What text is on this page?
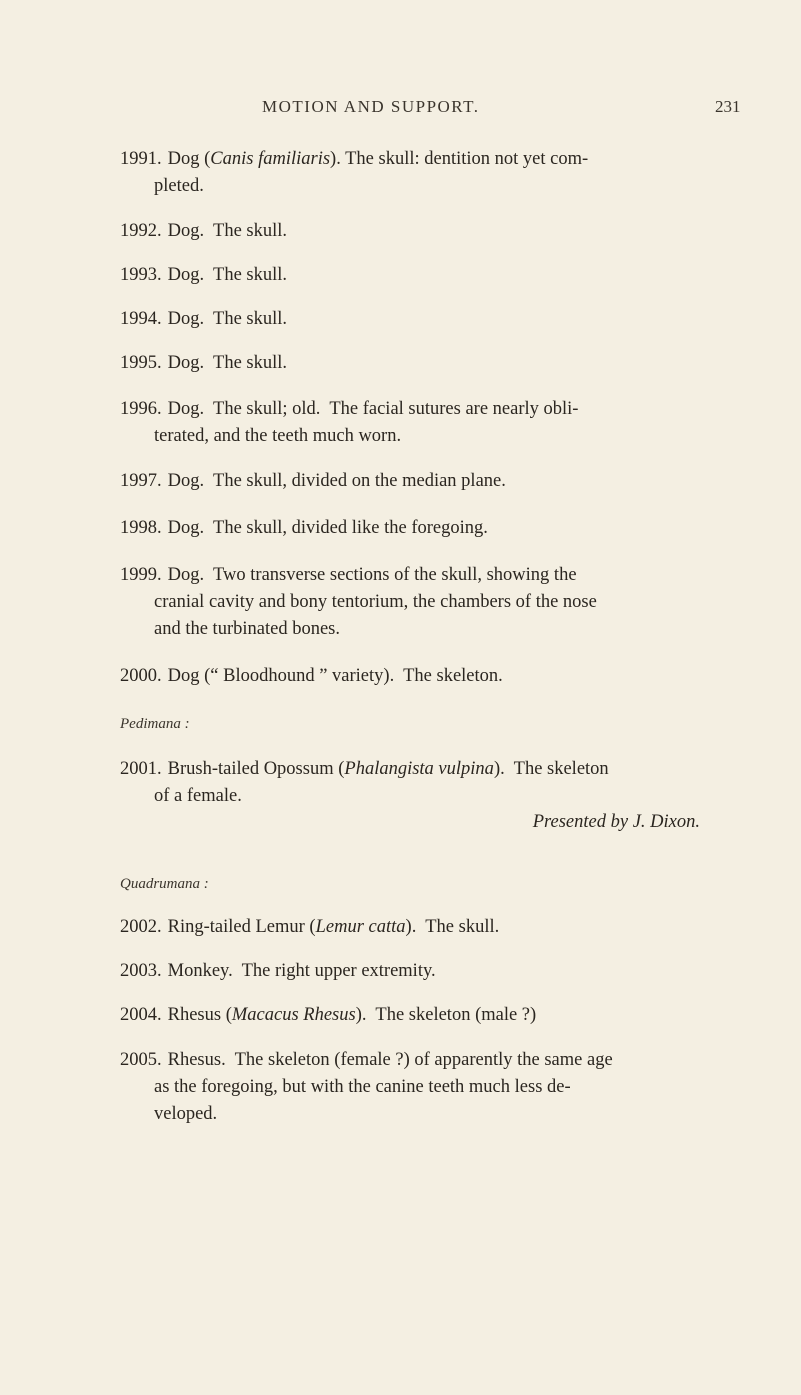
MOTION AND SUPPORT.	231
1991. Dog (Canis familiaris). The skull: dentition not yet com-
pleted.
1992. Dog.  The skull.
1993. Dog.  The skull.
1994. Dog.  The skull.
1995. Dog.  The skull.
1996. Dog.  The skull; old.  The facial sutures are nearly obli-
terated, and the teeth much worn.
1997. Dog.  The skull, divided on the median plane.
1998. Dog.  The skull, divided like the foregoing.
1999. Dog.  Two transverse sections of the skull, showing the
cranial cavity and bony tentorium, the chambers of the nose
and the turbinated bones.
2000. Dog (“ Bloodhound ” variety).  The skeleton.
Pedimana :
2001. Brush-tailed Opossum (Phalangista vulpina).  The skeleton
of a female.
Presented by J. Dixon.
Quadrumana :
2002. Ring-tailed Lemur (Lemur catta).  The skull.
2003. Monkey.  The right upper extremity.
2004. Rhesus (Macacus Rhesus).  The skeleton (male ?)
2005. Rhesus.  The skeleton (female ?) of apparently the same age
as the foregoing, but with the canine teeth much less de-
veloped.
